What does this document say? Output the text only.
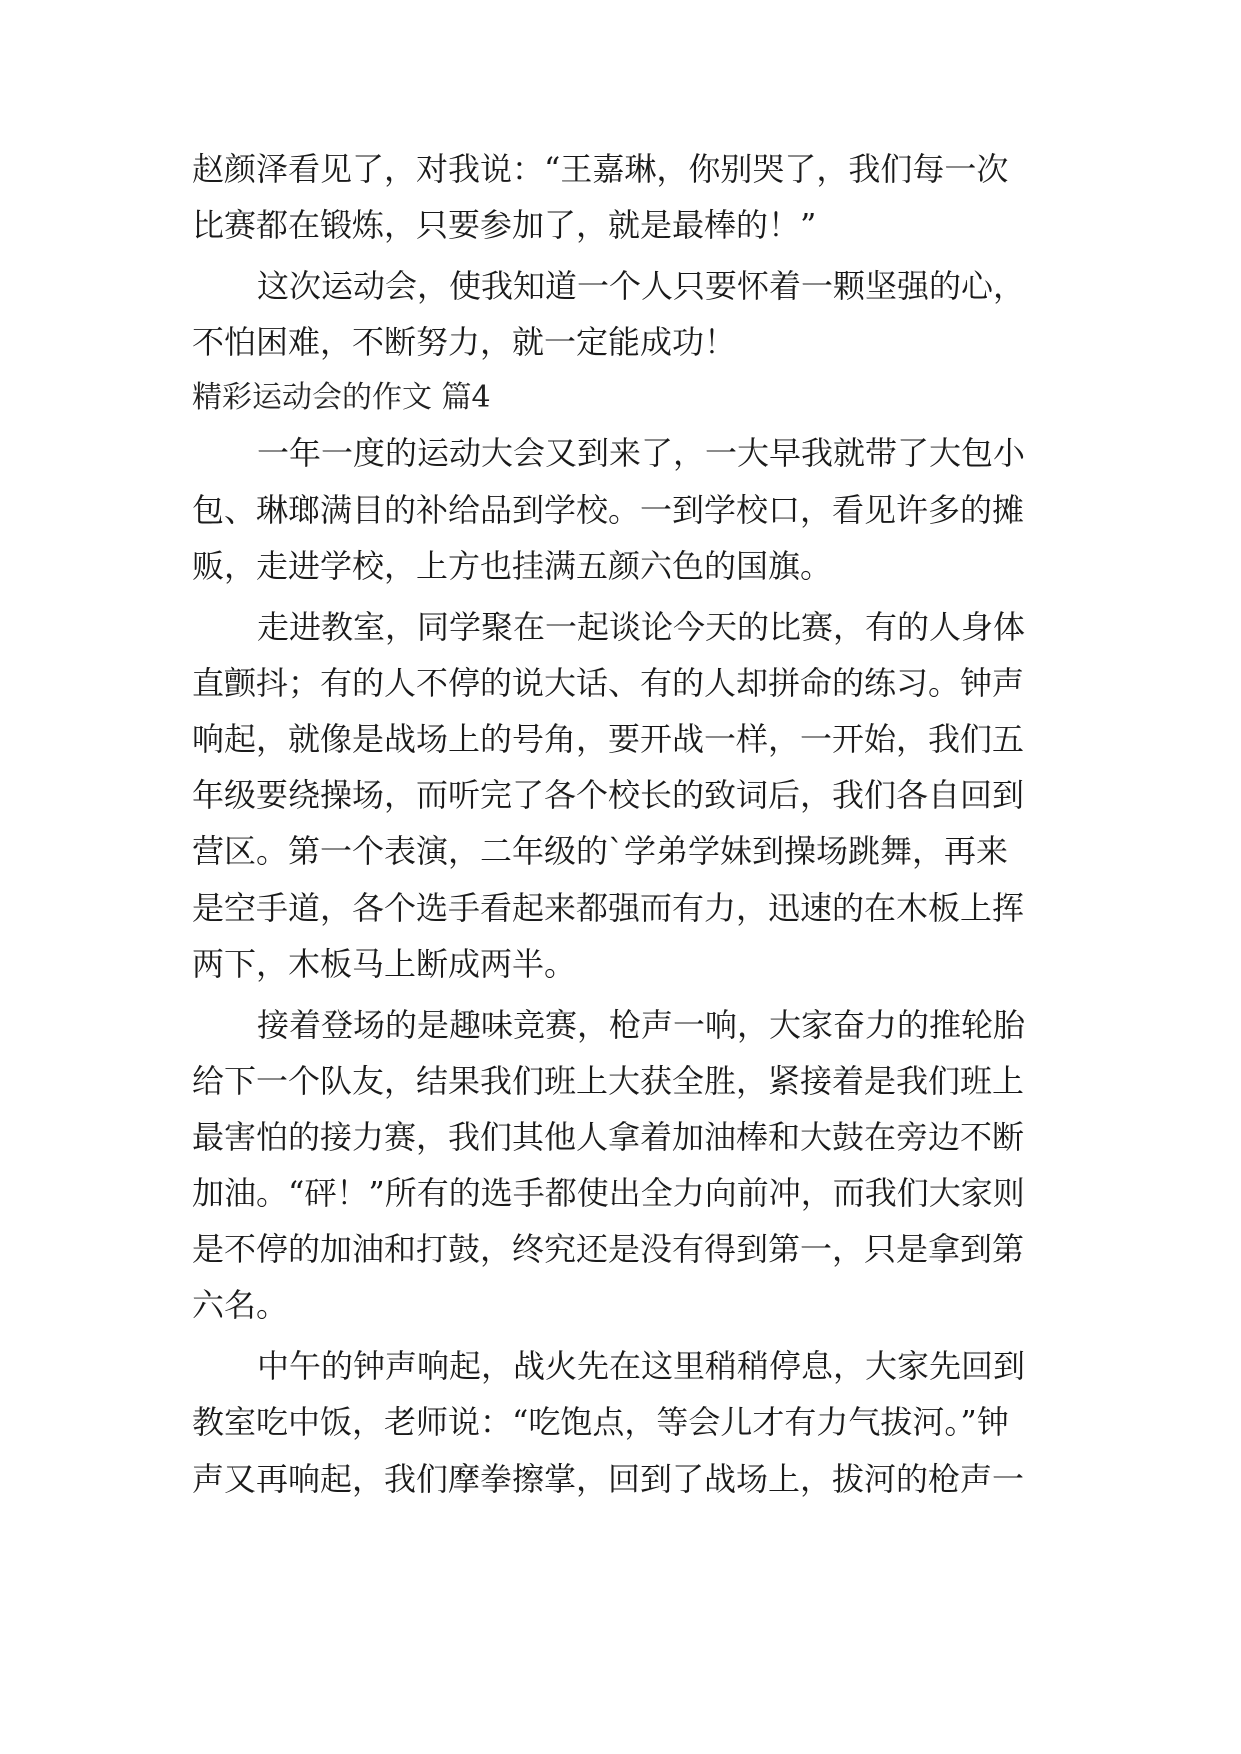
赵颜泽看见了，对我说：“王嘉琳，你别哭了，我们每一次
比赛都在锻炼，只要参加了，就是最棒的！”
这次运动会，使我知道一个人只要怀着一颗坚强的心，
不怕困难，不断努力，就一定能成功！
精彩运动会的作文 篇4
一年一度的运动大会又到来了，一大早我就带了大包小
包、琳瑯满目的补给品到学校。一到学校口，看见许多的摊
贩，走进学校，上方也挂满五颜六色的国旗。
走进教室，同学聚在一起谈论今天的比赛，有的人身体
直颤抖；有的人不停的说大话、有的人却拼命的练习。钟声
响起，就像是战场上的号角，要开战一样，一开始，我们五
年级要绕操场，而听完了各个校长的致词后，我们各自回到
营区。第一个表演，二年级的`学弟学妹到操场跳舞，再来
是空手道，各个选手看起来都强而有力，迅速的在木板上挥
两下，木板马上断成两半。
接着登场的是趣味竞赛，枪声一响，大家奋力的推轮胎
给下一个队友，结果我们班上大获全胜，紧接着是我们班上
最害怕的接力赛，我们其他人拿着加油棒和大鼓在旁边不断
加油。“砰！”所有的选手都使出全力向前冲，而我们大家则
是不停的加油和打鼓，终究还是没有得到第一，只是拿到第
六名。
中午的钟声响起，战火先在这里稍稍停息，大家先回到
教室吃中饭，老师说：“吃饱点，等会儿才有力气拔河。”钟
声又再响起，我们摩拳擦掌，回到了战场上，拔河的枪声一
